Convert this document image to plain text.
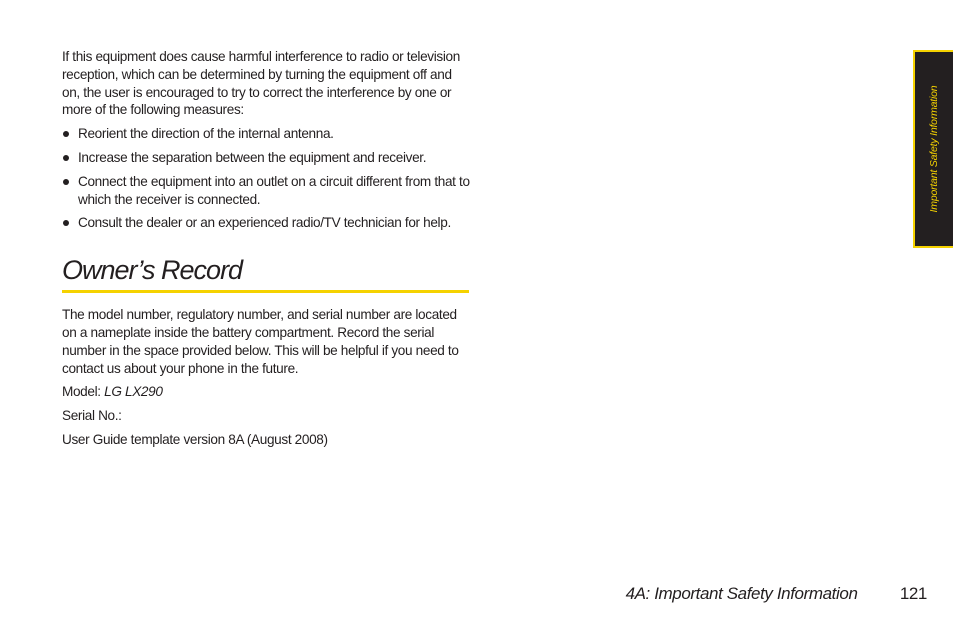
If this equipment does cause harmful interference to radio or television reception, which can be determined by turning the equipment off and on, the user is encouraged to try to correct the interference by one or more of the following measures:

Reorient the direction of the internal antenna.
Increase the separation between the equipment and receiver.
Connect the equipment into an outlet on a circuit different from that to which the receiver is connected.
Consult the dealer or an experienced radio/TV technician for help.
Owner’s Record

The model number, regulatory number, and serial number are located on a nameplate inside the battery compartment. Record the serial number in the space provided below. This will be helpful if you need to contact us about your phone in the future.

Model: LG LX290

Serial No.:

User Guide template version 8A (August 2008)

Important Safety Information
4A: Important Safety Information 121
